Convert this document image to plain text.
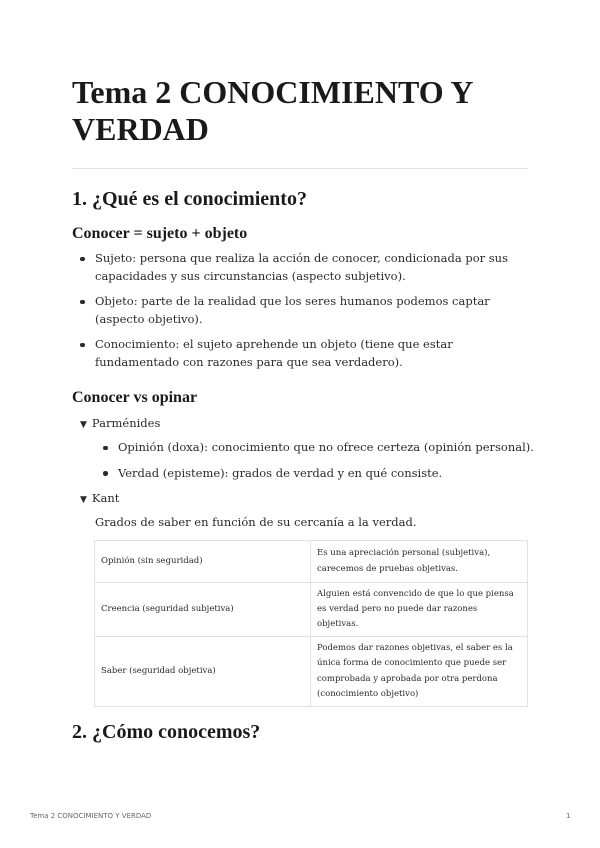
Tema 2 CONOCIMIENTO Y VERDAD
1. ¿Qué es el conocimiento?
Conocer = sujeto + objeto
Sujeto: persona que realiza la acción de conocer, condicionada por sus capacidades y sus circunstancias (aspecto subjetivo).
Objeto: parte de la realidad que los seres humanos podemos captar (aspecto objetivo).
Conocimiento: el sujeto aprehende un objeto (tiene que estar fundamentado con razones para que sea verdadero).
Conocer vs opinar
▼ Parménides
Opinión (doxa): conocimiento que no ofrece certeza (opinión personal).
Verdad (episteme): grados de verdad y en qué consiste.
▼ Kant

Grados de saber en función de su cercanía a la verdad.

Opinión (sin seguridad)	Es una apreciación personal (subjetiva), carecemos de pruebas objetivas.
Creencia (seguridad subjetiva)	Alguien está convencido de que lo que piensa es verdad pero no puede dar razones objetivas.
Saber (seguridad objetiva)	Podemos dar razones objetivas, el saber es la única forma de conocimiento que puede ser comprobada y aprobada por otra perdona (conocimiento objetivo)
2. ¿Cómo conocemos?
Tema 2 CONOCIMIENTO Y VERDAD	1
